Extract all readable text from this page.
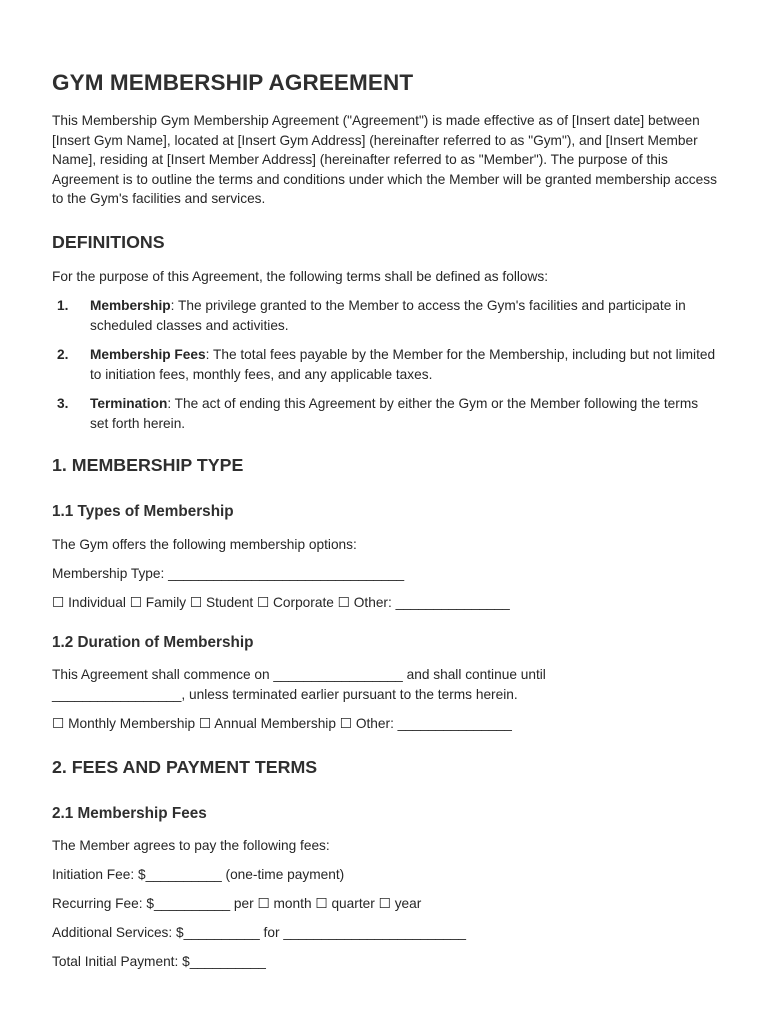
GYM MEMBERSHIP AGREEMENT

This Membership Gym Membership Agreement ("Agreement") is made effective as of [Insert date] between [Insert Gym Name], located at [Insert Gym Address] (hereinafter referred to as "Gym"), and [Insert Member Name], residing at [Insert Member Address] (hereinafter referred to as "Member"). The purpose of this Agreement is to outline the terms and conditions under which the Member will be granted membership access to the Gym's facilities and services.

DEFINITIONS

For the purpose of this Agreement, the following terms shall be defined as follows:

1. Membership: The privilege granted to the Member to access the Gym's facilities and participate in scheduled classes and activities.
2. Membership Fees: The total fees payable by the Member for the Membership, including but not limited to initiation fees, monthly fees, and any applicable taxes.
3. Termination: The act of ending this Agreement by either the Gym or the Member following the terms set forth herein.
1. MEMBERSHIP TYPE
1.1 Types of Membership

The Gym offers the following membership options:

Membership Type: _______________________________

☐ Individual ☐ Family ☐ Student ☐ Corporate ☐ Other: _______________

1.2 Duration of Membership

This Agreement shall commence on _________________ and shall continue until _________________, unless terminated earlier pursuant to the terms herein.

☐ Monthly Membership ☐ Annual Membership ☐ Other: _______________

2. FEES AND PAYMENT TERMS
2.1 Membership Fees

The Member agrees to pay the following fees:

Initiation Fee: $__________ (one-time payment)

Recurring Fee: $__________ per ☐ month ☐ quarter ☐ year

Additional Services: $__________ for ________________________

Total Initial Payment: $__________
